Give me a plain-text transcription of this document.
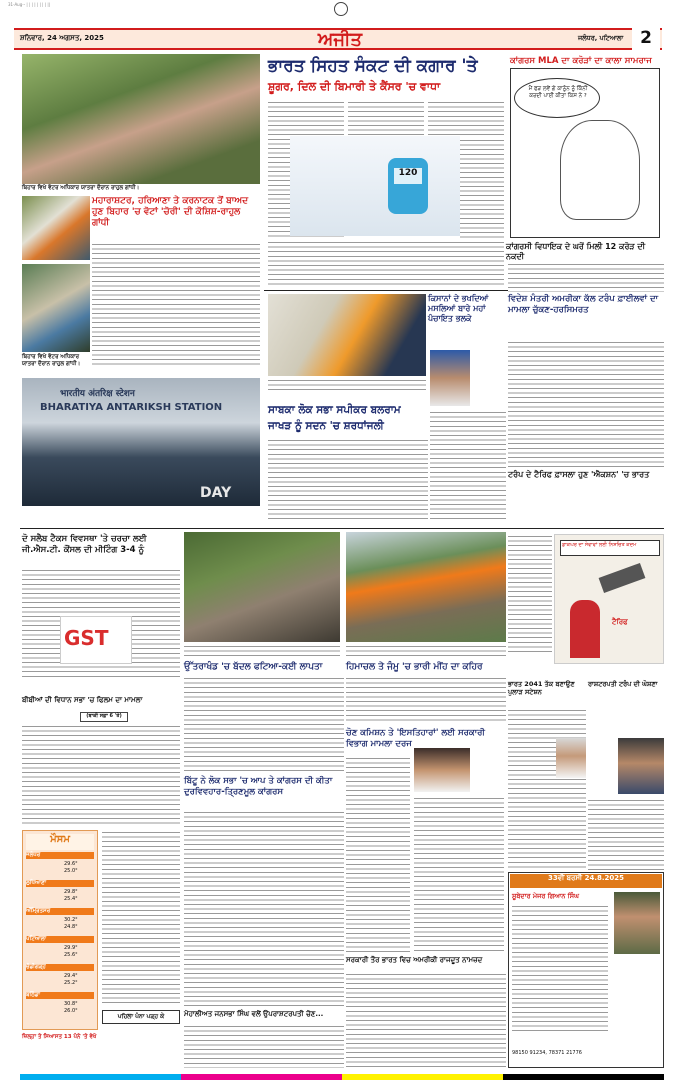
31-Aug-- | | | | | | | | ||
ਸ਼ਨਿਵਾਰ, 24 ਅਗਸਤ, 2025	ਅਜੀਤ	ਜਲੰਧਰ, ਪਟਿਆਲਾ 2
ਬਿਹਾਰ ਵਿਖੇ ਵੋਟਰ ਅਧਿਕਾਰ ਯਾਤਰਾ ਦੌਰਾਨ ਰਾਹੁਲ ਗਾਂਧੀ।
ਮਹਾਰਾਸ਼ਟਰ, ਹਰਿਆਣਾ ਤੇ ਕਰਨਾਟਕ ਤੋਂ ਬਾਅਦ ਹੁਣ ਬਿਹਾਰ 'ਚ ਵੋਟਾਂ 'ਚੋਰੀ' ਦੀ ਕੋਸ਼ਿਸ਼-ਰਾਹੁਲ ਗਾਂਧੀ
ਬਿਹਾਰ ਵਿਖੇ ਵੋਟਰ ਅਧਿਕਾਰ ਯਾਤਰਾ ਦੌਰਾਨ ਰਾਹੁਲ ਗਾਂਧੀ।
भारतीय अंतरिक्ष स्टेशन
BHARATIYA ANTARIKSH STATION
DAY
ਭਾਰਤ ਸਿਹਤ ਸੰਕਟ ਦੀ ਕਗਾਰ 'ਤੇ
ਸ਼ੂਗਰ, ਦਿਲ ਦੀ ਬਿਮਾਰੀ ਤੇ ਕੈਂਸਰ 'ਚ ਵਾਧਾ
120
ਕਾਂਗਰਸ MLA ਦਾ ਕਰੋੜਾਂ ਦਾ ਕਾਲਾ ਸਾਮਰਾਜ
ਮੈਂ ਫੜ ਲਵੇਂ ਗੇ ਕਾਨੂੰਨ ਨੂੰ ਕਿੰਨੀ ਕਰਦੀ ਪਾਈ ਕੀਤਾ ਕਿਸ ਨੇ ?
ਕਾਂਗਰਸੀ ਵਿਧਾਇਕ ਦੇ ਘਰੋਂ ਮਿਲੀ 12 ਕਰੋੜ ਦੀ ਨਕਦੀ
ਕਿਸਾਨਾਂ ਦੇ ਭਖਦਿਆਂ ਮਸਲਿਆਂ ਬਾਰੇ ਮਹਾਂ ਪੰਚਾਇਤ ਭਲਕੇ
ਵਿਦੇਸ਼ ਮੰਤਰੀ ਅਮਰੀਕਾ ਕੱਲ ਟਰੰਪ ਫ਼ਾਈਲਵਾਂ ਦਾ ਮਾਮਲਾ ਚੁੱਕਣ-ਹਰਸਿਮਰਤ
ਟਰੰਪ ਦੇ ਟੈਰਿਫ ਫ਼ਾਸਲਾ ਹੁਣ 'ਐਕਸ਼ਨ' 'ਚ ਭਾਰਤ
ਸਾਬਕਾ ਲੋਕ ਸਭਾ ਸਪੀਕਰ ਬਲਰਾਮ
ਜਾਖੜ ਨੂੰ ਸਦਨ 'ਚ ਸ਼ਰਧਾਂਜਲੀ
ਦੋ ਸਲੈਬ ਟੈਕਸ ਵਿਵਸਥਾ 'ਤੇ ਚਰਚਾ ਲਈ ਜੀ.ਐਸ.ਟੀ. ਕੌਂਸਲ ਦੀ ਮੀਟਿੰਗ 3-4 ਨੂੰ
GST
ਉੱਤਰਾਖੰਡ 'ਚ ਬੱਦਲ ਫਟਿਆ-ਕਈ ਲਾਪਤਾ	ਹਿਮਾਚਲ ਤੇ ਜੰਮੂ 'ਚ ਭਾਰੀ ਮੀਂਹ ਦਾ ਕਹਿਰ
ਟੈਰਿਫ
ਡਾਕਘਰ ਦਾ ਸੇਵਾਵਾਂ ਲਈ ਨਿਸ਼ਚਿਤ ਕਦਮ
ਬੀਬੀਆਂ ਦੀ ਵਿਧਾਨ ਸਭਾ 'ਚ ਫਿਲਮ ਦਾ ਮਾਮਲਾ
(ਬਾਕੀ ਸਫ਼ਾ 6 'ਤੇ)
ਮੌਸਮ
ਜਲੰਧਰ
29.6°
25.0°
ਲੁਧਿਆਣਾ
29.8°
25.4°
ਅੰਮ੍ਰਿਤਸਰ
30.2°
24.8°
ਪਟਿਆਲਾ
29.9°
25.6°
ਚੰਡੀਗੜ੍ਹ
29.4°
25.2°
ਬਠਿੰਡਾ
30.8°
26.0°
ਪਹਿਲਾ ਪੰਨਾ ਪੜ੍ਹ ਕੇ
ਜ਼ਿਲ੍ਹਾ ਤੇ ਸਿਆਸਤ 13 ਪੰਨੇ 'ਤੇ ਵੇਖੋ
ਬਿੱਟੂ ਨੇ ਲੋਕ ਸਭਾ 'ਚ ਆਪ ਤੇ ਕਾਂਗਰਸ ਦੀ ਕੀਤਾ ਦੁਰਵਿਵਹਾਰ-ਤ੍ਰਿਣਮੂਲ ਕਾਂਗਰਸ
ਮੋਹਾਲੀਅਤ ਜਨਸਭਾ ਸਿੰਘ ਵਲੋਂ ਉਪਰਾਸ਼ਟਰਪਤੀ ਚੋਣ...
ਚੋਣ ਕਮਿਸ਼ਨ ਤੇ 'ਇਸਤਿਹਾਰਾਂ' ਲਈ ਸਰਕਾਰੀ ਵਿਭਾਗ ਮਾਮਲਾ ਦਰਜ
ਸਰਕਾਰੀ ਤੌਰ ਭਾਰਤ ਵਿਚ ਅਮਰੀਕੀ ਰਾਜਦੂਤ ਨਾਮਜ਼ਦ
ਭਾਰਤ 2041 ਤੱਕ ਬਣਾਉਣ ਪੁਲਾੜ ਸਟੇਸ਼ਨ
ਰਾਸ਼ਟਰਪਤੀ ਟਰੰਪ ਦੀ ਘੋਸ਼ਣਾ
33ਵੀਂ ਬਰਸੀ 24.8.2025
ਸੂਬੇਦਾਰ ਮੇਜਰ ਗਿਆਨ ਸਿੰਘ
98150 91234, 78371 21776
